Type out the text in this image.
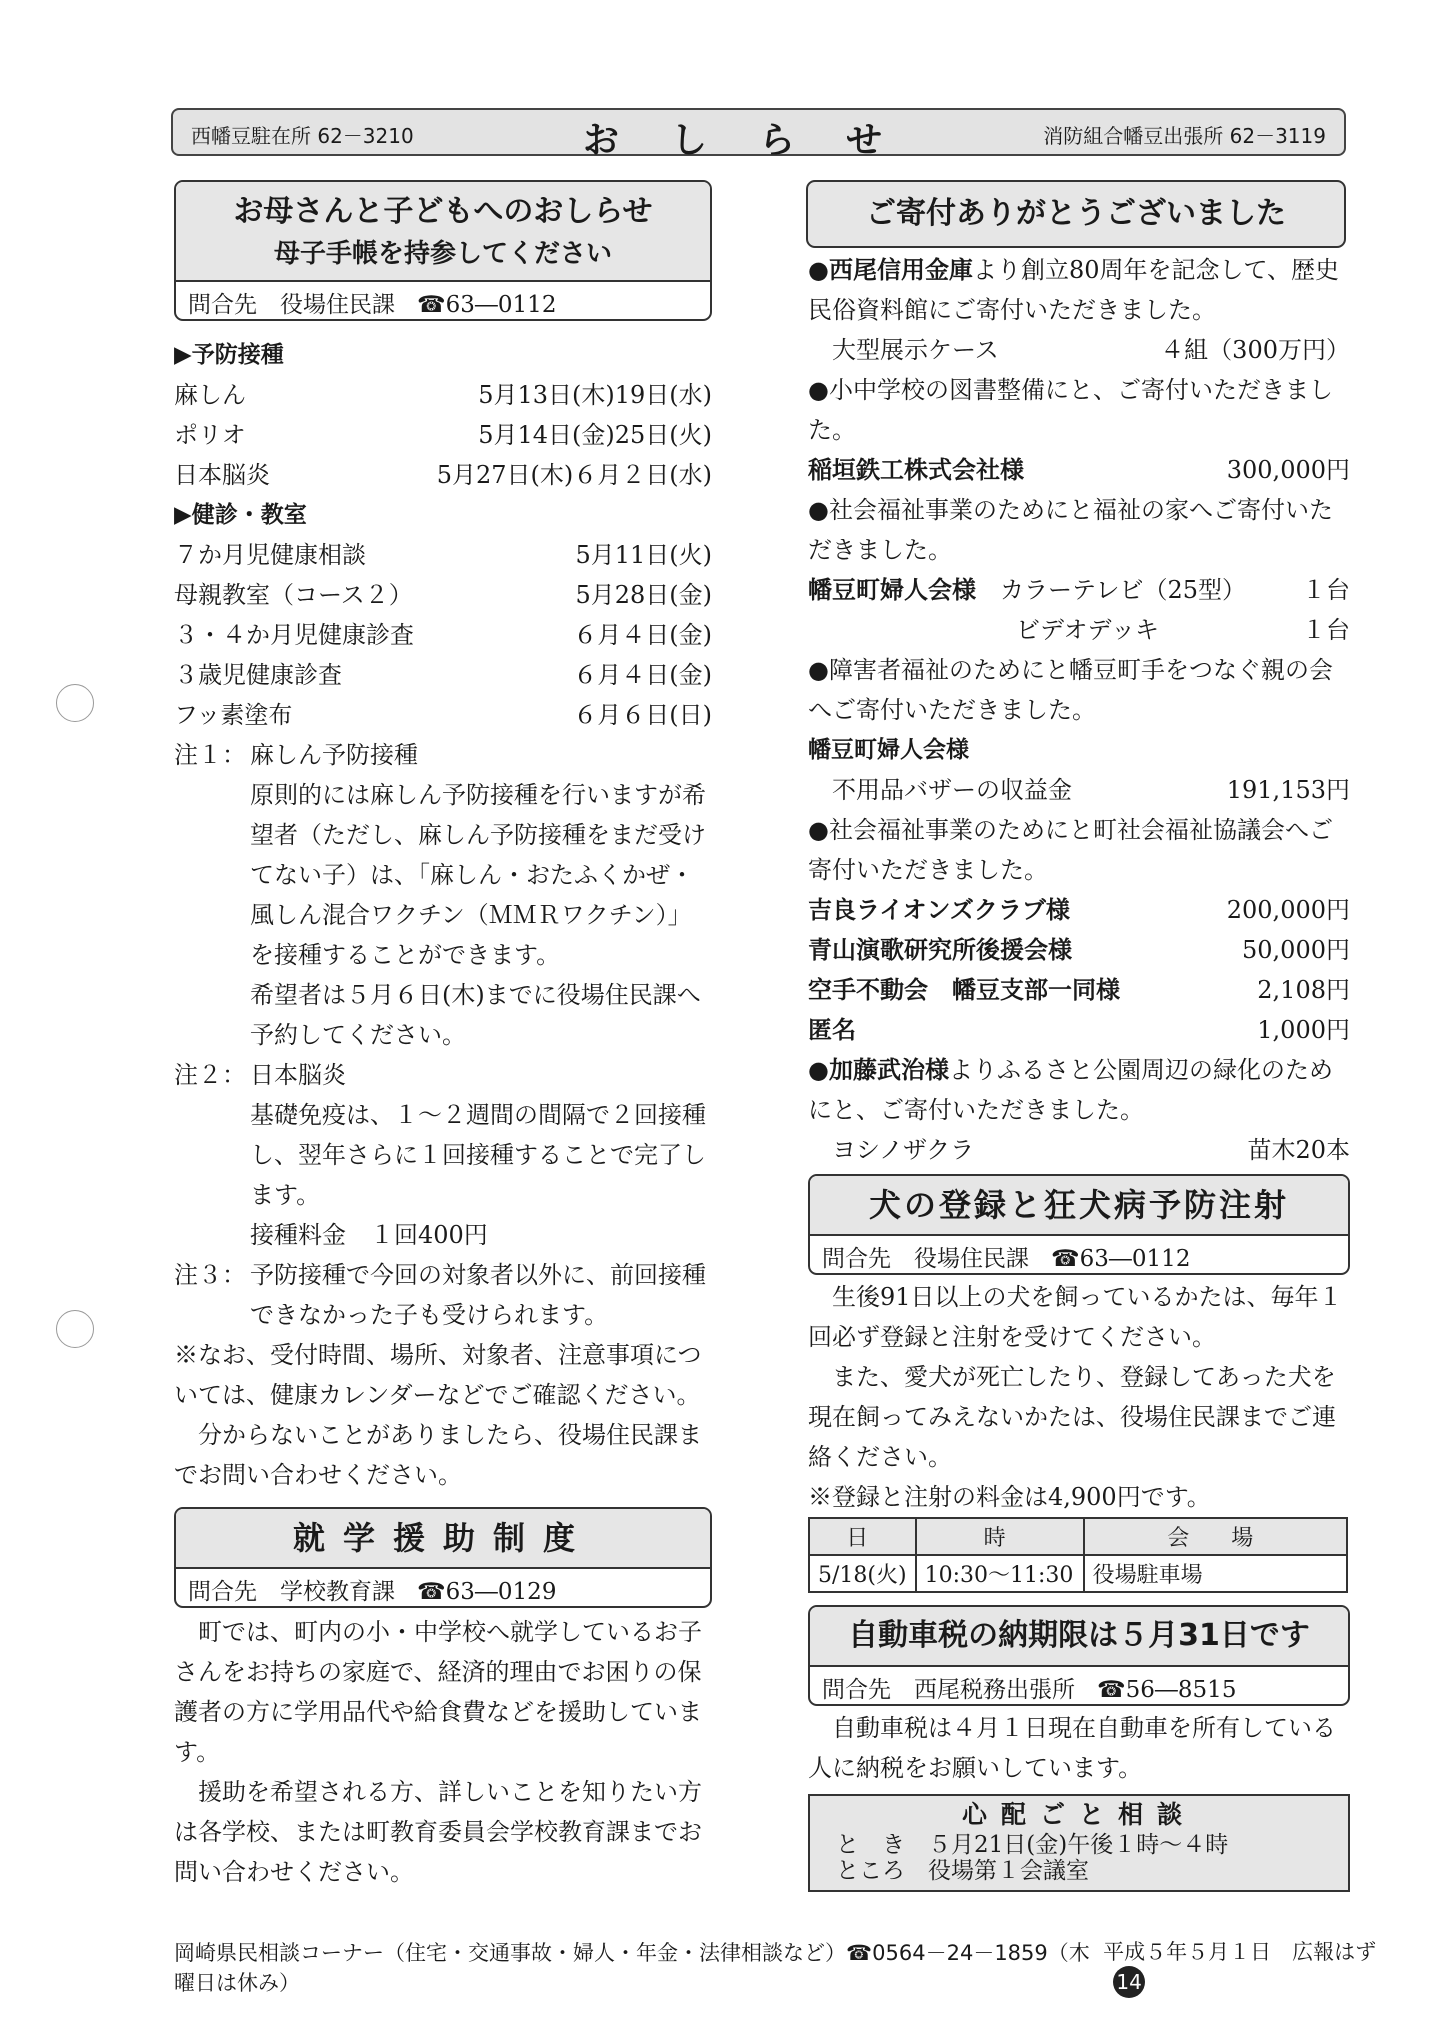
西幡豆駐在所 62－3210	おしらせ	消防組合幡豆出張所 62－3119
お母さんと子どもへのおしらせ
母子手帳を持参してください
問合先　役場住民課 ☎63―0112
▶予防接種
麻しん	5月13日(木)19日(水)
ポリオ	5月14日(金)25日(火)
日本脳炎	5月27日(木)６月２日(水)
▶健診・教室
７か月児健康相談	5月11日(火)
母親教室（コース２）	5月28日(金)
３・４か月児健康診査	６月４日(金)
３歳児健康診査	６月４日(金)
フッ素塗布	６月６日(日)
注１： 麻しん予防接種

原則的には麻しん予防接種を行いますが希望者（ただし、麻しん予防接種をまだ受けてない子）は、「麻しん・おたふくかぜ・風しん混合ワクチン（ＭＭＲワクチン）」を接種することができます。

希望者は５月６日(木)までに役場住民課へ予約してください。

注２： 日本脳炎

基礎免疫は、１～２週間の間隔で２回接種し、翌年さらに１回接種することで完了します。

接種料金　１回400円

注３： 予防接種で今回の対象者以外に、前回接種できなかった子も受けられます。

※なお、受付時間、場所、対象者、注意事項については、健康カレンダーなどでご確認ください。

分からないことがありましたら、役場住民課までお問い合わせください。

就学援助制度
問合先　学校教育課 ☎63―0129

町では、町内の小・中学校へ就学しているお子さんをお持ちの家庭で、経済的理由でお困りの保護者の方に学用品代や給食費などを援助しています。

援助を希望される方、詳しいことを知りたい方は各学校、または町教育委員会学校教育課までお問い合わせください。

ご寄付ありがとうございました

●西尾信用金庫より創立80周年を記念して、歴史民俗資料館にご寄付いただきました。

大型展示ケース	４組（300万円）

●小中学校の図書整備にと、ご寄付いただきました。

稲垣鉄工株式会社様	300,000円

●社会福祉事業のためにと福祉の家へご寄付いただきました。

幡豆町婦人会様　 カラーテレビ（25型） １台
ビデオデッキ	１台

●障害者福祉のためにと幡豆町手をつなぐ親の会へご寄付いただきました。

幡豆町婦人会様
不用品バザーの収益金	191,153円

●社会福祉事業のためにと町社会福祉協議会へご寄付いただきました。

吉良ライオンズクラブ様	200,000円
青山演歌研究所後援会様	50,000円
空手不動会　幡豆支部一同様	2,108円
匿名	1,000円

●加藤武治様よりふるさと公園周辺の緑化のためにと、ご寄付いただきました。

ヨシノザクラ	苗木20本
犬の登録と狂犬病予防注射
問合先　役場住民課 ☎63―0112

生後91日以上の犬を飼っているかたは、毎年１回必ず登録と注射を受けてください。

また、愛犬が死亡したり、登録してあった犬を現在飼ってみえないかたは、役場住民課までご連絡ください。

※登録と注射の料金は4,900円です。

日	時	会　場
5/18(火)	10:30～11:30	役場駐車場
自動車税の納期限は５月31日です
問合先　西尾税務出張所 ☎56―8515

自動車税は４月１日現在自動車を所有している人に納税をお願いしています。

心配ごと相談
と　き　 ５月21日(金)午後１時～４時
ところ　 役場第１会議室
岡崎県民相談コーナー（住宅・交通事故・婦人・年金・法律相談など）☎0564－24－1859（木曜日は休み）
平成５年５月１日　広報はず14
